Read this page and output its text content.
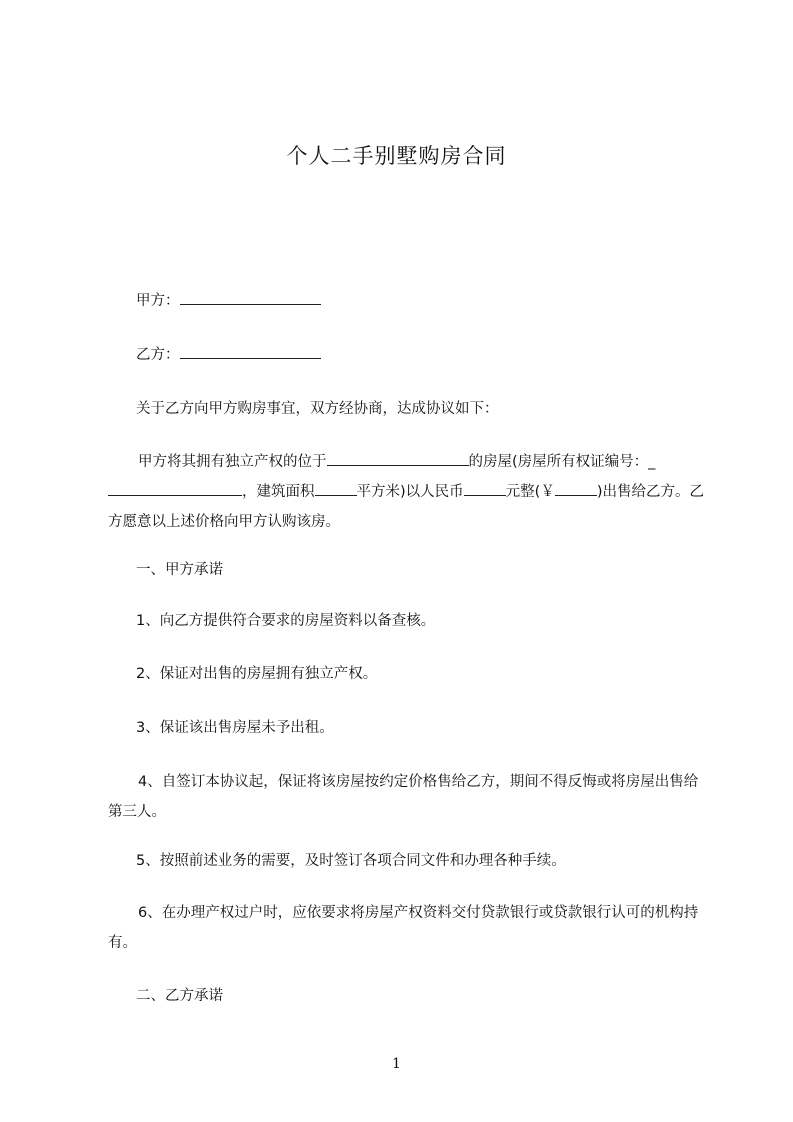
个人二手别墅购房合同
甲方：
乙方：
关于乙方向甲方购房事宜，双方经协商，达成协议如下：
甲方将其拥有独立产权的位于	的房屋(房屋所有权证编号：_，建筑面积	平方米)以人民币	元整(￥	)出售给乙方。乙方愿意以上述价格向甲方认购该房。
一、甲方承诺
1、向乙方提供符合要求的房屋资料以备查核。
2、保证对出售的房屋拥有独立产权。
3、保证该出售房屋未予出租。
4、自签订本协议起，保证将该房屋按约定价格售给乙方，期间不得反悔或将房屋出售给第三人。
5、按照前述业务的需要，及时签订各项合同文件和办理各种手续。
6、在办理产权过户时，应依要求将房屋产权资料交付贷款银行或贷款银行认可的机构持有。
二、乙方承诺
1
